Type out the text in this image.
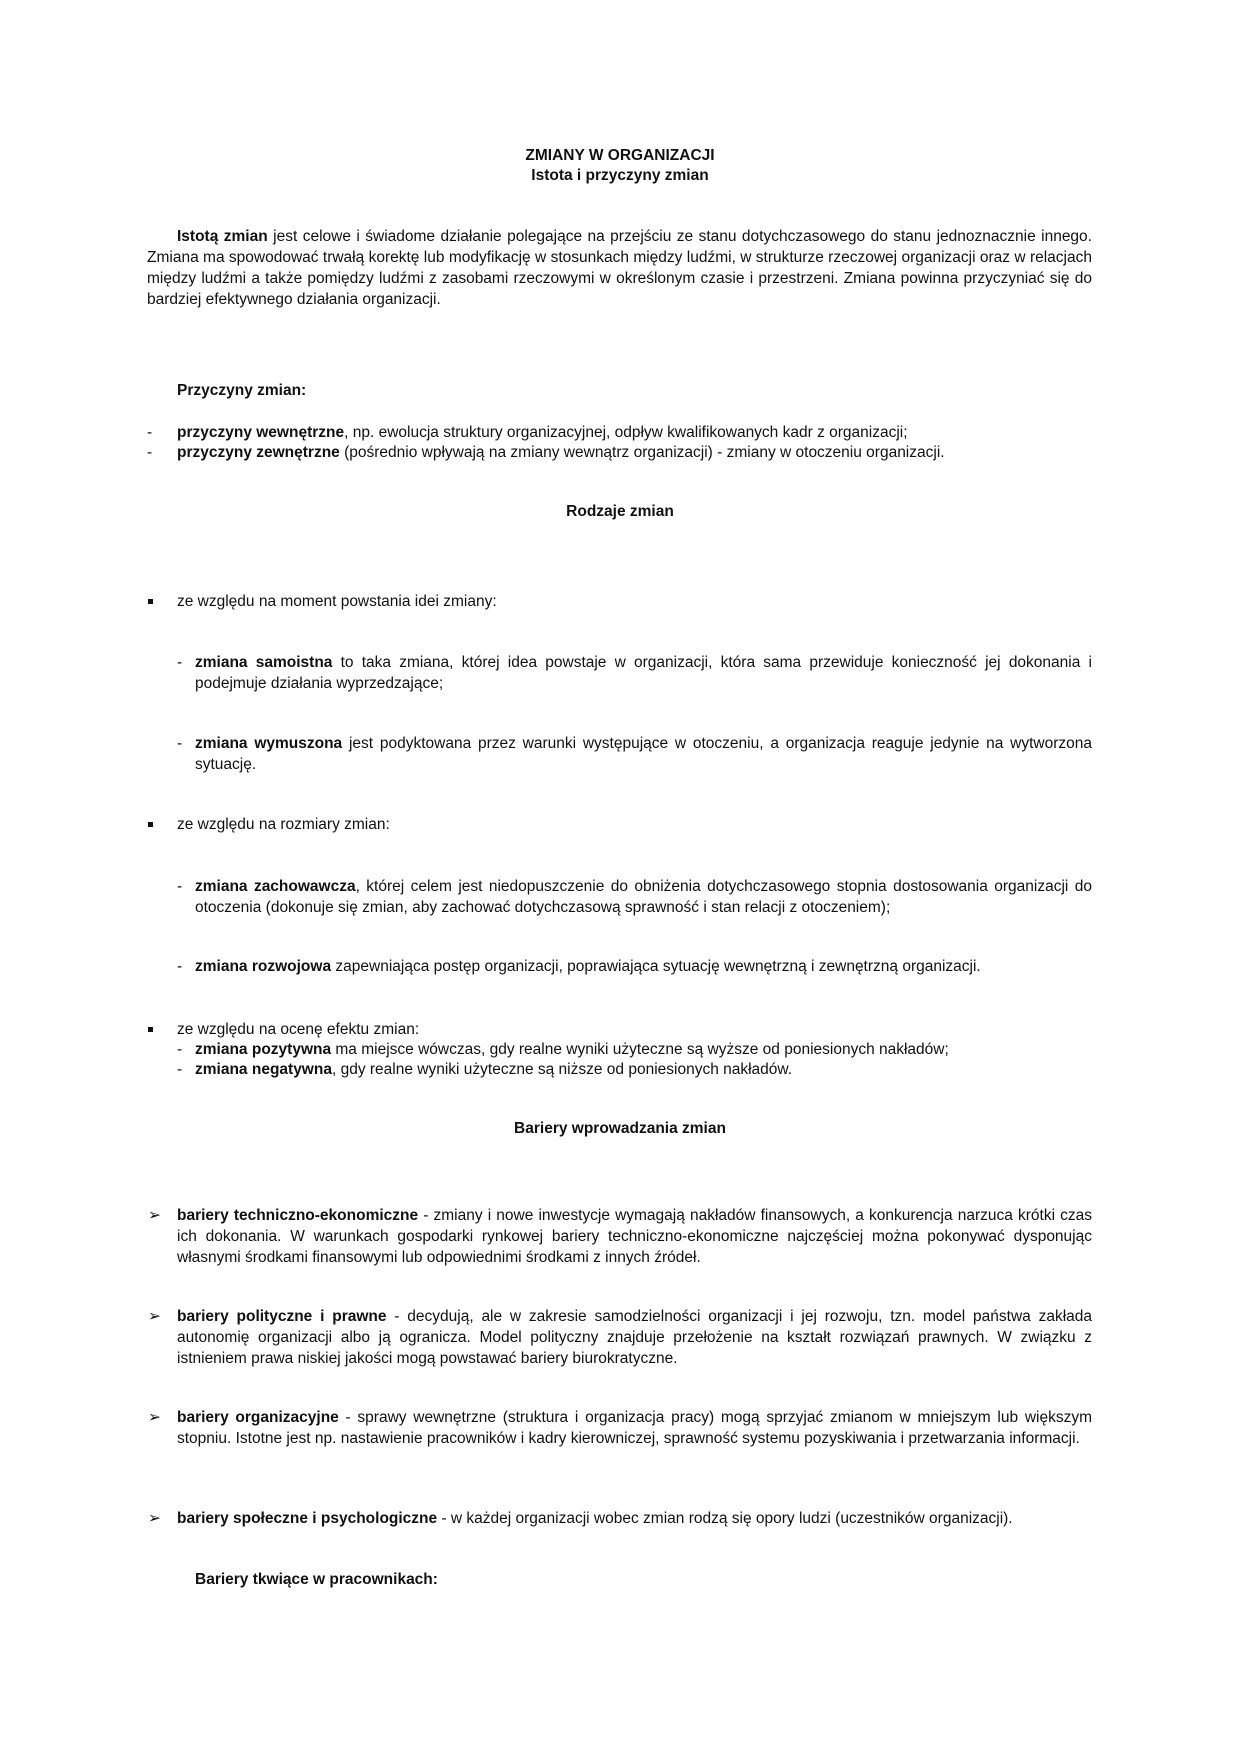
ZMIANY W ORGANIZACJI
Istota i przyczyny zmian
Istotą zmian jest celowe i świadome działanie polegające na przejściu ze stanu dotychczasowego do stanu jednoznacznie innego. Zmiana ma spowodować trwałą korektę lub modyfikację w stosunkach między ludźmi, w strukturze rzeczowej organizacji oraz w relacjach między ludźmi a także pomiędzy ludźmi z zasobami rzeczowymi w określonym czasie i przestrzeni. Zmiana powinna przyczyniać się do bardziej efektywnego działania organizacji.
Przyczyny zmian:
- przyczyny wewnętrzne, np. ewolucja struktury organizacyjnej, odpływ kwalifikowanych kadr z organizacji;
- przyczyny zewnętrzne (pośrednio wpływają na zmiany wewnątrz organizacji) - zmiany w otoczeniu organizacji.
Rodzaje zmian
ze względu na moment powstania idei zmiany:
- zmiana samoistna to taka zmiana, której idea powstaje w organizacji, która sama przewiduje konieczność jej dokonania i podejmuje działania wyprzedzające;
- zmiana wymuszona jest podyktowana przez warunki występujące w otoczeniu, a organizacja reaguje jedynie na wytworzona sytuację.
ze względu na rozmiary zmian:
- zmiana zachowawcza, której celem jest niedopuszczenie do obniżenia dotychczasowego stopnia dostosowania organizacji do otoczenia (dokonuje się zmian, aby zachować dotychczasową sprawność i stan relacji z otoczeniem);
- zmiana rozwojowa zapewniająca postęp organizacji, poprawiająca sytuację wewnętrzną i zewnętrzną organizacji.
ze względu na ocenę efektu zmian:
- zmiana pozytywna ma miejsce wówczas, gdy realne wyniki użyteczne są wyższe od poniesionych nakładów;
- zmiana negatywna, gdy realne wyniki użyteczne są niższe od poniesionych nakładów.
Bariery wprowadzania zmian
➢ bariery techniczno-ekonomiczne - zmiany i nowe inwestycje wymagają nakładów finansowych, a konkurencja narzuca krótki czas ich dokonania. W warunkach gospodarki rynkowej bariery techniczno-ekonomiczne najczęściej można pokonywać dysponując własnymi środkami finansowymi lub odpowiednimi środkami z innych źródeł.
➢ bariery polityczne i prawne - decydują, ale w zakresie samodzielności organizacji i jej rozwoju, tzn. model państwa zakłada autonomię organizacji albo ją ogranicza. Model polityczny znajduje przełożenie na kształt rozwiązań prawnych. W związku z istnieniem prawa niskiej jakości mogą powstawać bariery biurokratyczne.
➢ bariery organizacyjne - sprawy wewnętrzne (struktura i organizacja pracy) mogą sprzyjać zmianom w mniejszym lub większym stopniu. Istotne jest np. nastawienie pracowników i kadry kierowniczej, sprawność systemu pozyskiwania i przetwarzania informacji.
➢ bariery społeczne i psychologiczne - w każdej organizacji wobec zmian rodzą się opory ludzi (uczestników organizacji).
Bariery tkwiące w pracownikach:
